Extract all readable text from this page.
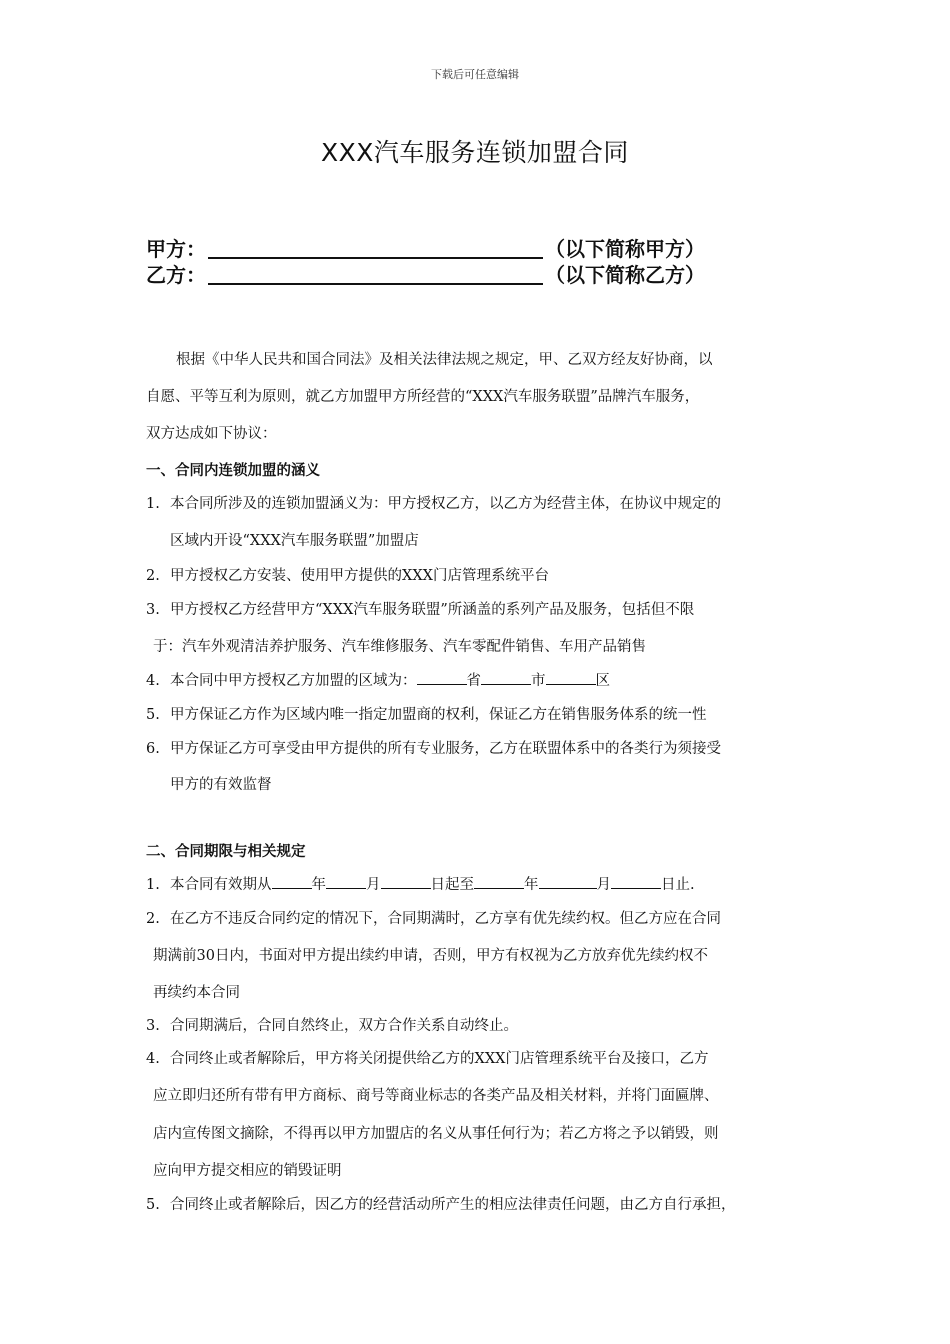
下载后可任意编辑
XXX汽车服务连锁加盟合同
甲方：	（以下简称甲方）
乙方：	（以下简称乙方）
根据《中华人民共和国合同法》及相关法律法规之规定，甲、乙双方经友好协商，以
自愿、平等互利为原则，就乙方加盟甲方所经营的“XXX汽车服务联盟”品牌汽车服务，
双方达成如下协议：
一、合同内连锁加盟的涵义
1. 本合同所涉及的连锁加盟涵义为：甲方授权乙方，以乙方为经营主体，在协议中规定的
区域内开设“XXX汽车服务联盟”加盟店
2. 甲方授权乙方安装、使用甲方提供的XXX门店管理系统平台
3. 甲方授权乙方经营甲方“XXX汽车服务联盟”所涵盖的系列产品及服务，包括但不限
于：汽车外观清洁养护服务、汽车维修服务、汽车零配件销售、车用产品销售
4. 本合同中甲方授权乙方加盟的区域为：	省	市	区
5. 甲方保证乙方作为区域内唯一指定加盟商的权利，保证乙方在销售服务体系的统一性
6. 甲方保证乙方可享受由甲方提供的所有专业服务，乙方在联盟体系中的各类行为须接受
甲方的有效监督
二、合同期限与相关规定
1. 本合同有效期从	年	月	日起至	年	月	日止.
2. 在乙方不违反合同约定的情况下，合同期满时，乙方享有优先续约权。但乙方应在合同
期满前30日内，书面对甲方提出续约申请，否则，甲方有权视为乙方放弃优先续约权不
再续约本合同
3. 合同期满后，合同自然终止，双方合作关系自动终止。
4. 合同终止或者解除后，甲方将关闭提供给乙方的XXX门店管理系统平台及接口，乙方
应立即归还所有带有甲方商标、商号等商业标志的各类产品及相关材料，并将门面匾牌、
店内宣传图文摘除，不得再以甲方加盟店的名义从事任何行为；若乙方将之予以销毁，则
应向甲方提交相应的销毁证明
5. 合同终止或者解除后，因乙方的经营活动所产生的相应法律责任问题，由乙方自行承担，
